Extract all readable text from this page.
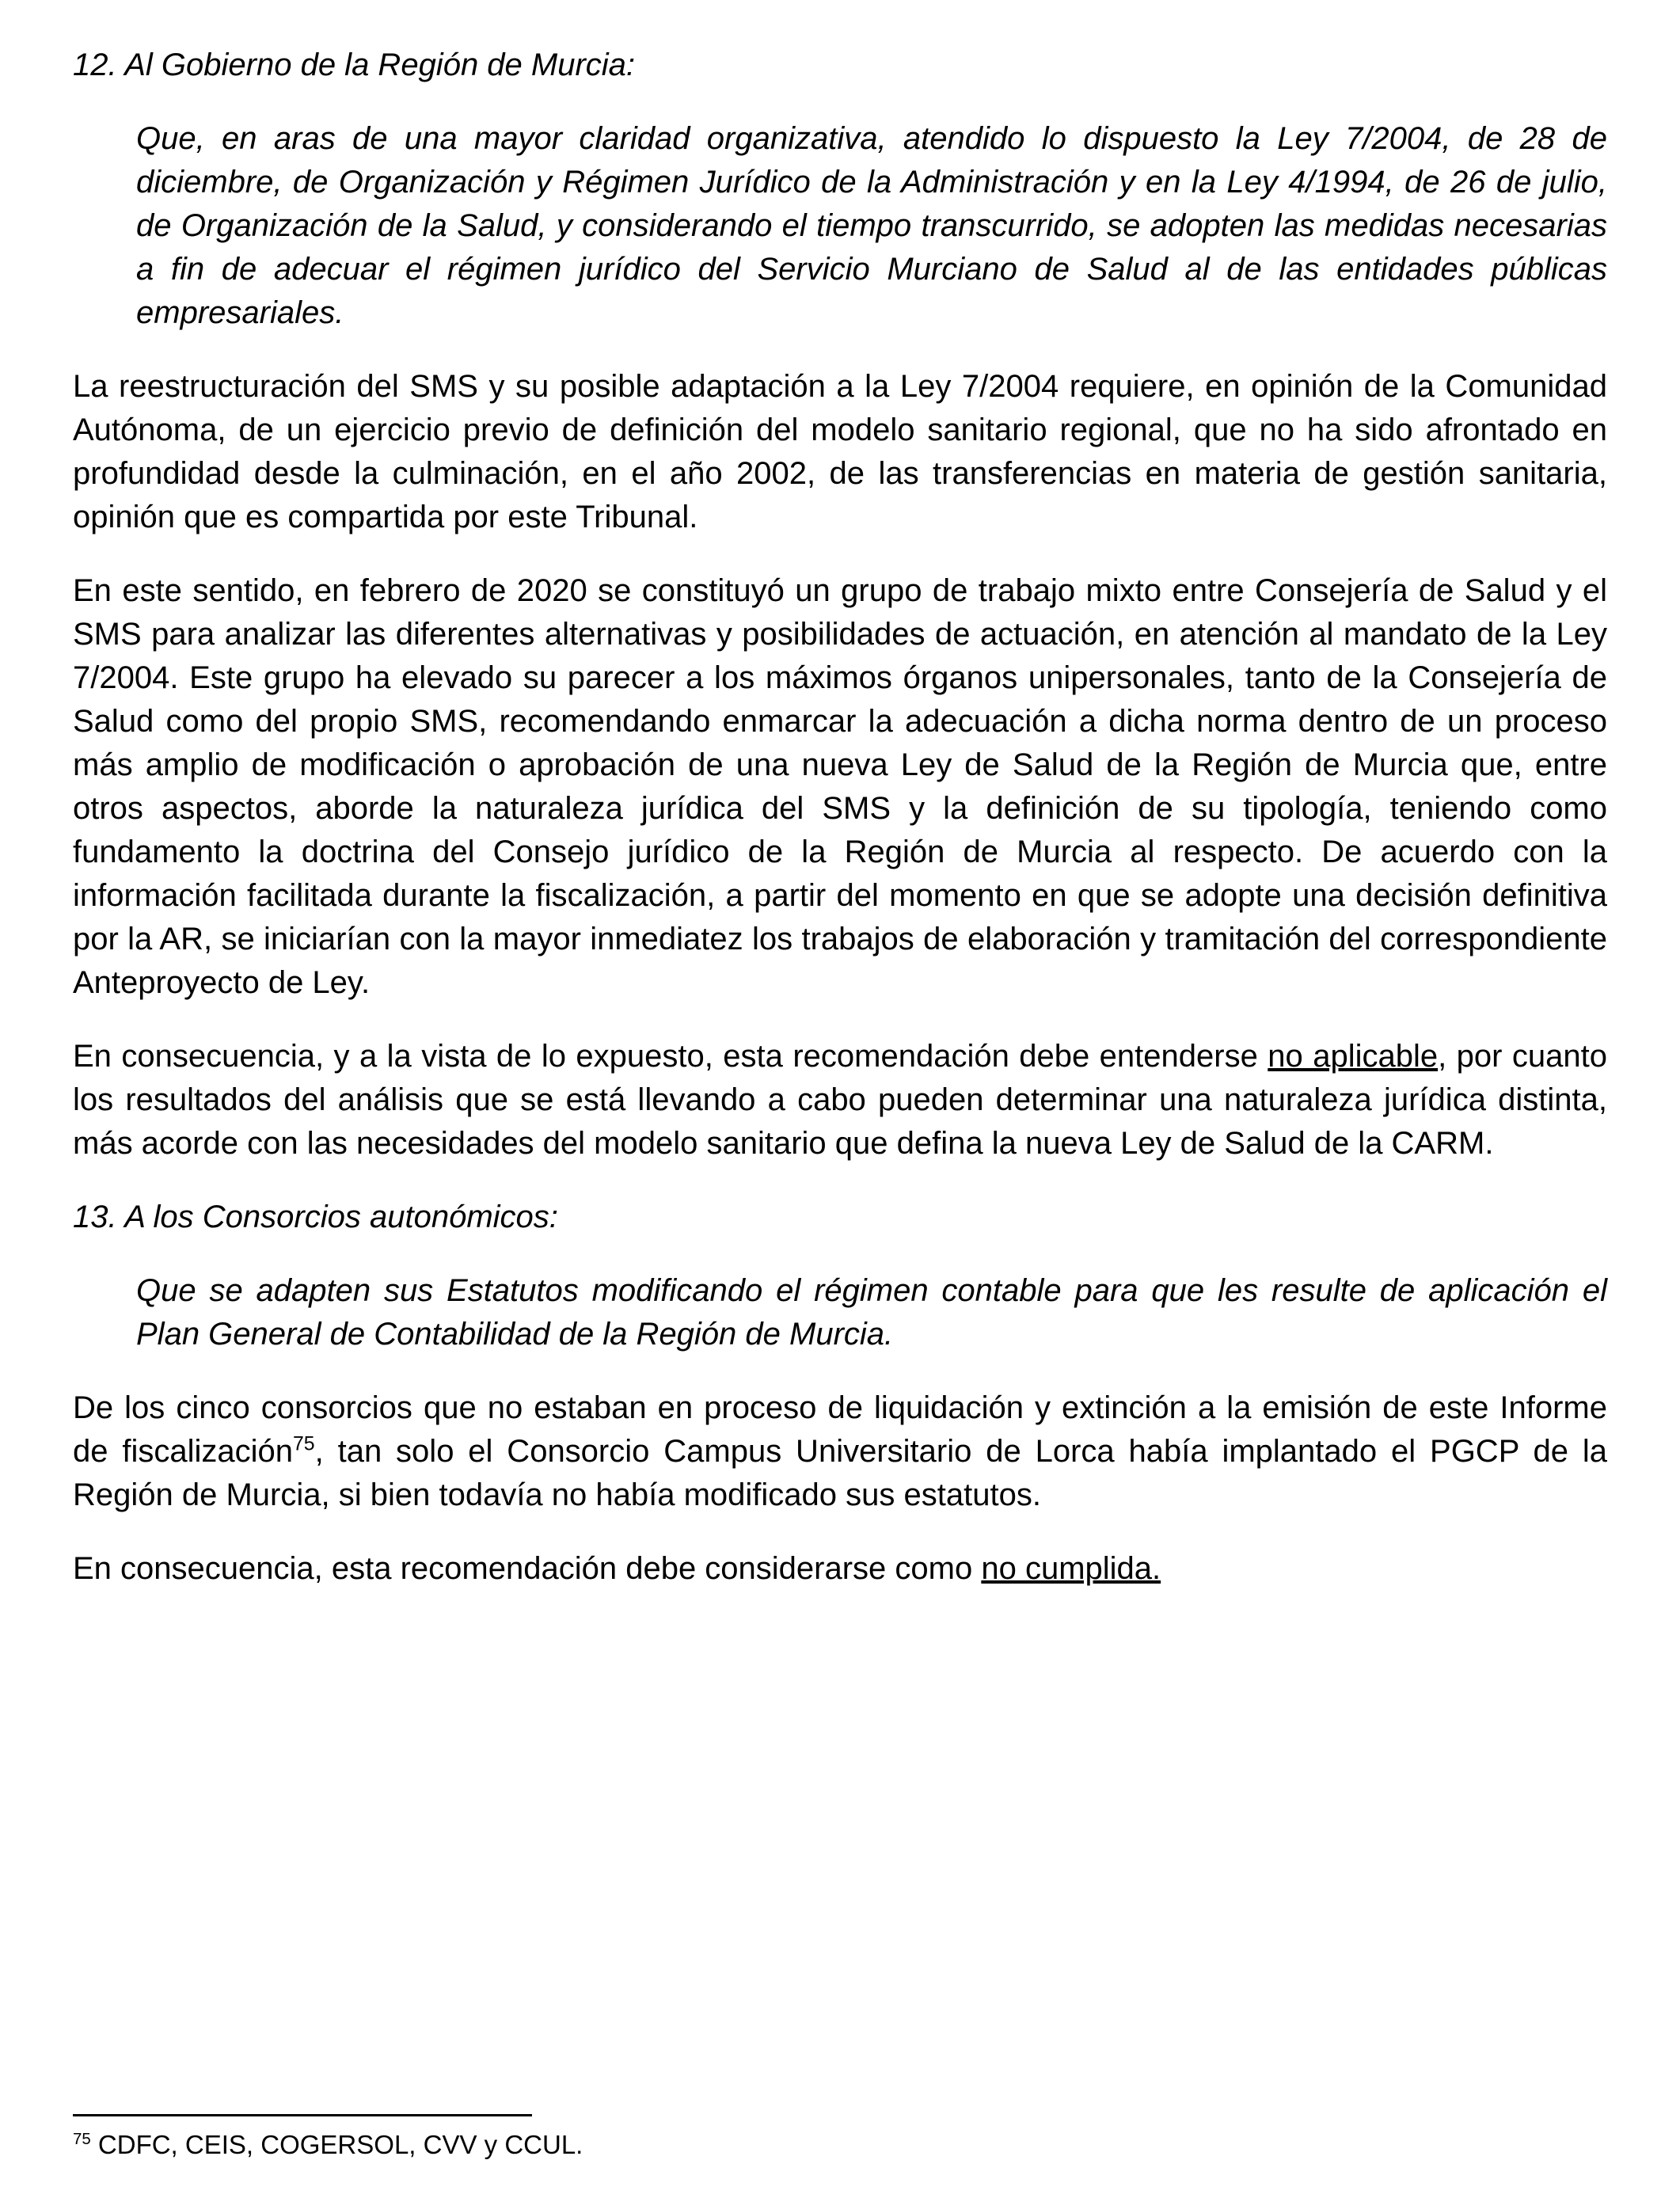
12. Al Gobierno de la Región de Murcia:

Que, en aras de una mayor claridad organizativa, atendido lo dispuesto la Ley 7/2004, de 28 de diciembre, de Organización y Régimen Jurídico de la Administración y en la Ley 4/1994, de 26 de julio, de Organización de la Salud, y considerando el tiempo transcurrido, se adopten las medidas necesarias a fin de adecuar el régimen jurídico del Servicio Murciano de Salud al de las entidades públicas empresariales.

La reestructuración del SMS y su posible adaptación a la Ley 7/2004 requiere, en opinión de la Comunidad Autónoma, de un ejercicio previo de definición del modelo sanitario regional, que no ha sido afrontado en profundidad desde la culminación, en el año 2002, de las transferencias en materia de gestión sanitaria, opinión que es compartida por este Tribunal.

En este sentido, en febrero de 2020 se constituyó un grupo de trabajo mixto entre Consejería de Salud y el SMS para analizar las diferentes alternativas y posibilidades de actuación, en atención al mandato de la Ley 7/2004. Este grupo ha elevado su parecer a los máximos órganos unipersonales, tanto de la Consejería de Salud como del propio SMS, recomendando enmarcar la adecuación a dicha norma dentro de un proceso más amplio de modificación o aprobación de una nueva Ley de Salud de la Región de Murcia que, entre otros aspectos, aborde la naturaleza jurídica del SMS y la definición de su tipología, teniendo como fundamento la doctrina del Consejo jurídico de la Región de Murcia al respecto. De acuerdo con la información facilitada durante la fiscalización, a partir del momento en que se adopte una decisión definitiva por la AR, se iniciarían con la mayor inmediatez los trabajos de elaboración y tramitación del correspondiente Anteproyecto de Ley.

En consecuencia, y a la vista de lo expuesto, esta recomendación debe entenderse no aplicable, por cuanto los resultados del análisis que se está llevando a cabo pueden determinar una naturaleza jurídica distinta, más acorde con las necesidades del modelo sanitario que defina la nueva Ley de Salud de la CARM.

13. A los Consorcios autonómicos:

Que se adapten sus Estatutos modificando el régimen contable para que les resulte de aplicación el Plan General de Contabilidad de la Región de Murcia.

De los cinco consorcios que no estaban en proceso de liquidación y extinción a la emisión de este Informe de fiscalización$^{75}$, tan solo el Consorcio Campus Universitario de Lorca había implantado el PGCP de la Región de Murcia, si bien todavía no había modificado sus estatutos.

En consecuencia, esta recomendación debe considerarse como no cumplida.

$^{75}$ CDFC, CEIS, COGERSOL, CVV y CCUL.
